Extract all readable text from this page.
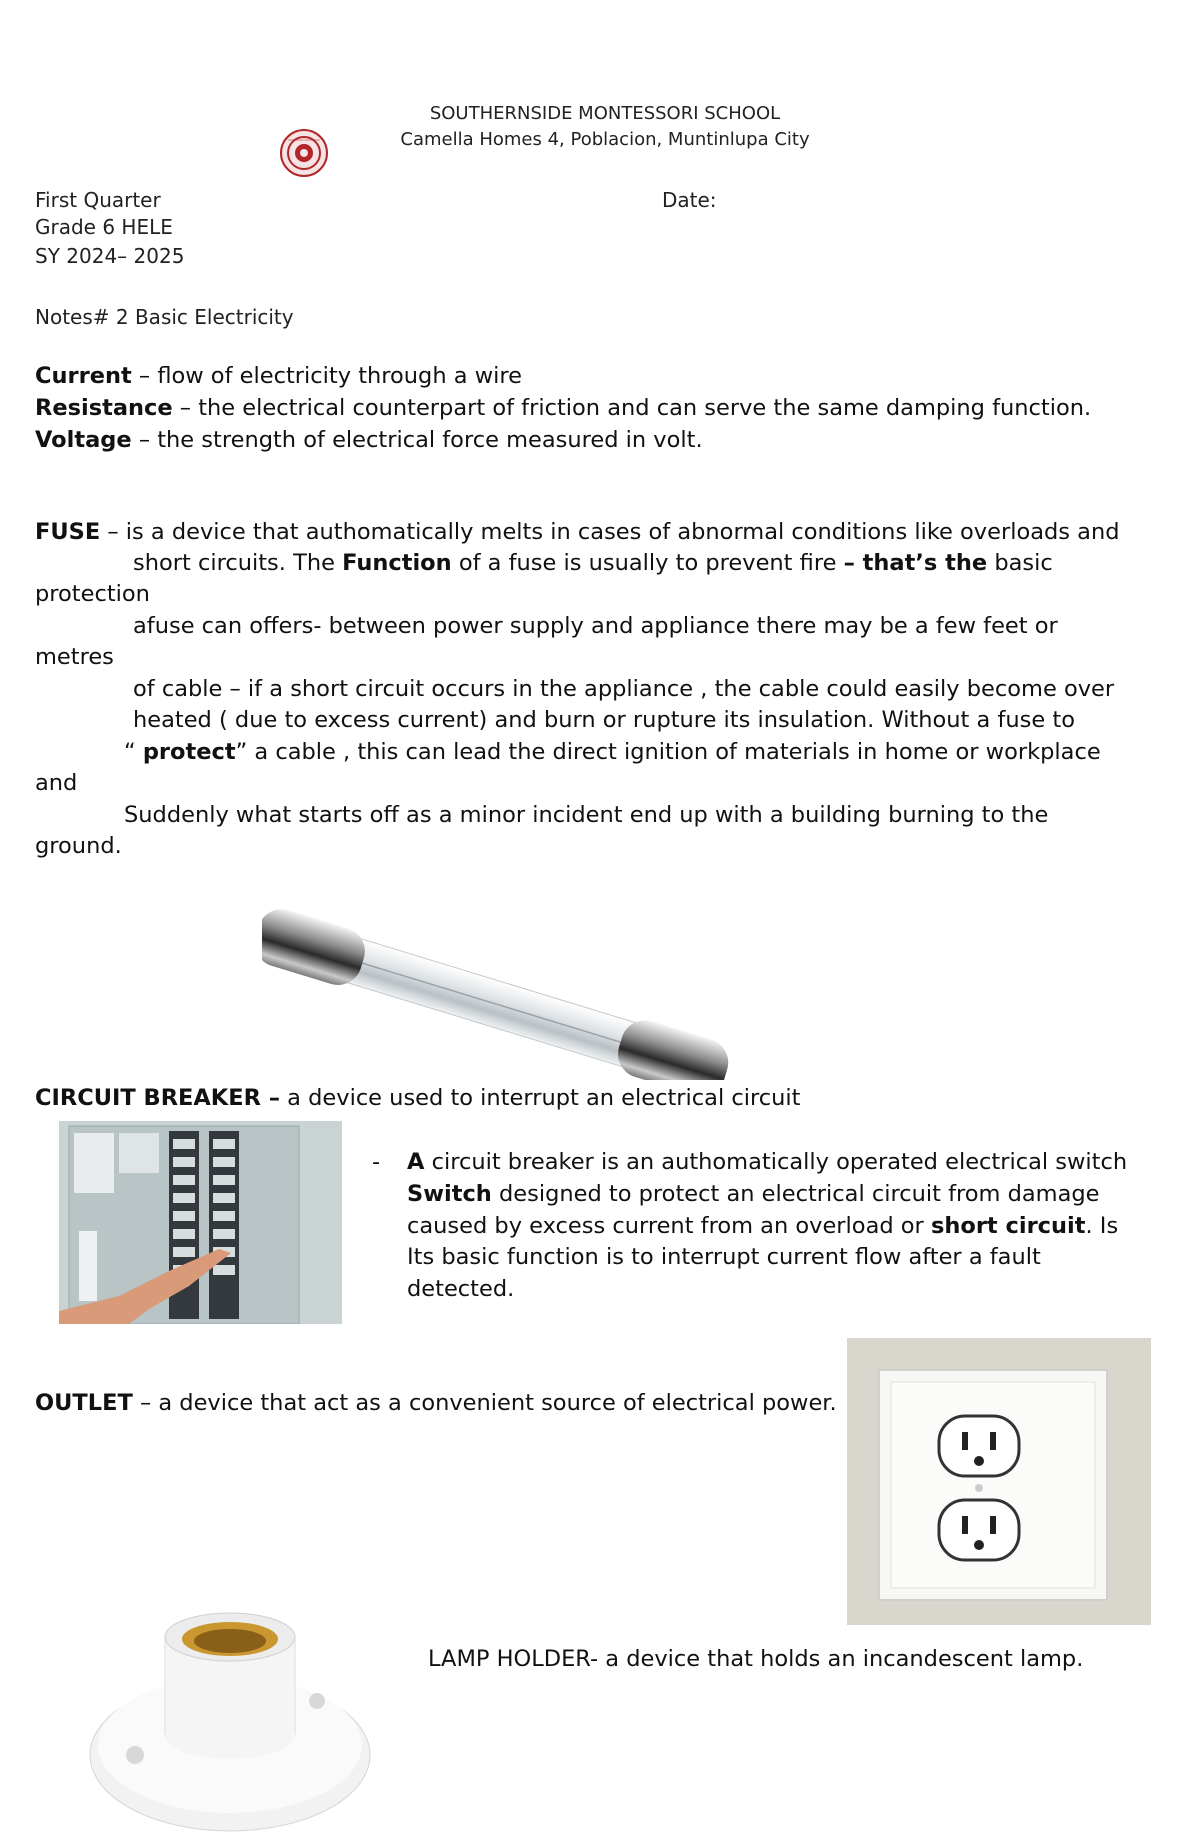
SOUTHERNSIDE MONTESSORI SCHOOL
Camella Homes 4, Poblacion, Muntinlupa City
First Quarter	Date:
Grade 6 HELE
SY 2024– 2025
Notes# 2 Basic Electricity
Current – flow of electricity through a wire
Resistance – the electrical counterpart of friction and can serve the same damping function.
Voltage – the strength of electrical force measured in volt.
FUSE – is a device that authomatically melts in cases of abnormal conditions like overloads and
short circuits. The Function of a fuse is usually to prevent fire – that’s the basic
protection
afuse can offers- between power supply and appliance there may be a few feet or
metres
of cable – if a short circuit occurs in the appliance , the cable could easily become over
heated ( due to excess current) and burn or rupture its insulation. Without a fuse to
“ protect” a cable , this can lead the direct ignition of materials in home or workplace
and
Suddenly what starts off as a minor incident end up with a building burning to the
ground.
CIRCUIT BREAKER – a device used to interrupt an electrical circuit
- A circuit breaker is an authomatically operated electrical switch
Switch designed to protect an electrical circuit from damage
caused by excess current from an overload or short circuit. Is
Its basic function is to interrupt current flow after a fault
detected.
OUTLET – a device that act as a convenient source of electrical power.
LAMP HOLDER- a device that holds an incandescent lamp.
